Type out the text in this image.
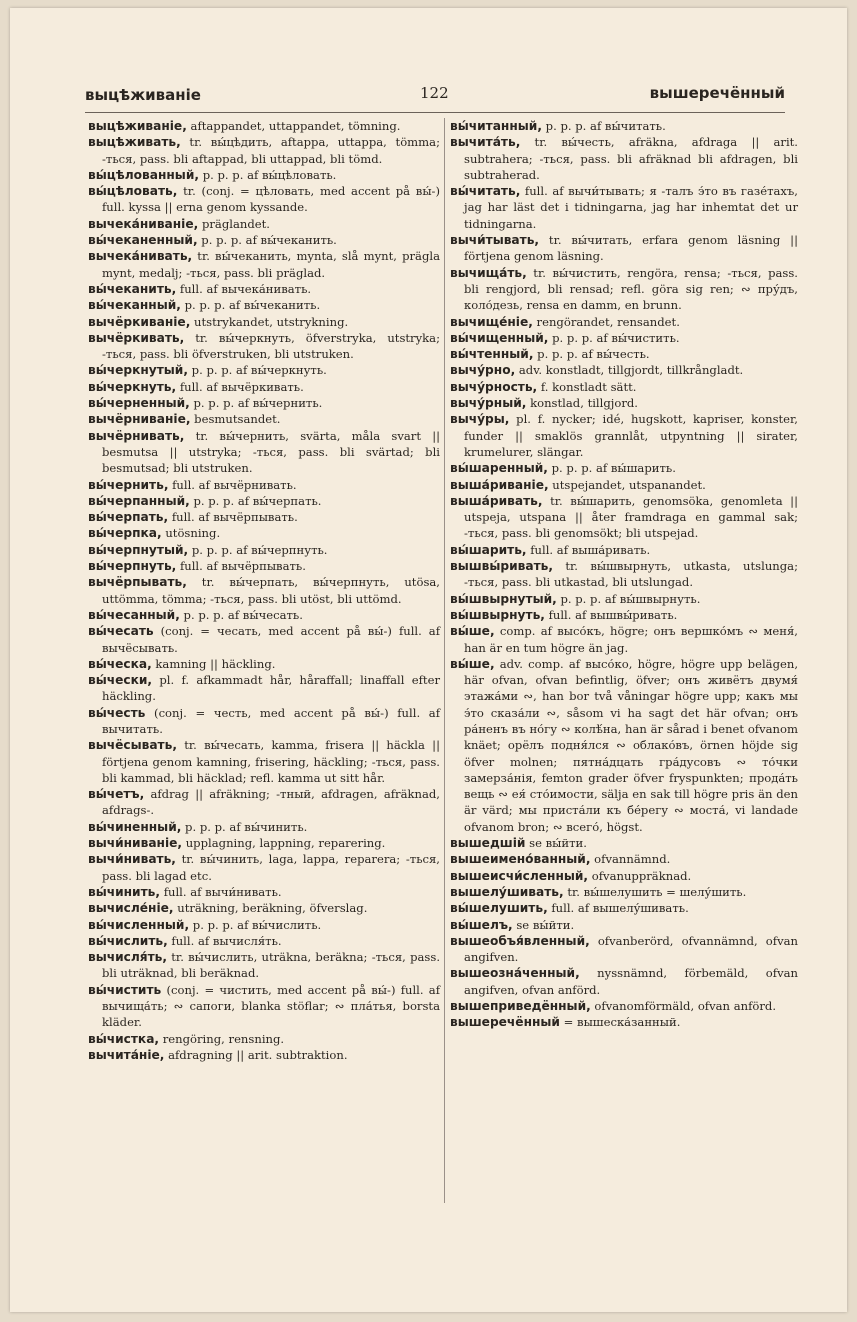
выцѣживаніе	122	вышеречённый
выцѣживаніе, aftappandet, uttappandet, tömning.
выцѣживать, tr. вы́цѣдить, aftappa, uttappa, tömma; -ться, pass. bli aftappad, bli uttappad, bli tömd.
вы́цѣлованный, p. p. p. af вы́цѣловать.
вы́цѣловать, tr. (conj. = цѣловать, med accent på вы́-) full. kyssa || erna genom kyssande.
вычека́ниваніе, präglandet.
вы́чеканенный, p. p. p. af вы́чеканить.
вычека́нивать, tr. вы́чеканить, mynta, slå mynt, prägla mynt, medalj; -ться, pass. bli präglad.
вы́чеканить, full. af вычека́нивать.
вы́чеканный, p. p. p. af вы́чеканить.
вычёркиваніе, utstrykandet, utstrykning.
вычёркивать, tr. вы́черкнуть, öfverstryka, utstryka; -ться, pass. bli öfverstruken, bli utstruken.
вы́черкнутый, p. p. p. af вы́черкнуть.
вы́черкнуть, full. af вычёркивать.
вы́черненный, p. p. p. af вы́чернить.
вычёрниваніе, besmutsandet.
вычёрнивать, tr. вы́чернить, svärta, måla svart || besmutsa || utstryka; -ться, pass. bli svärtad; bli besmutsad; bli utstruken.
вы́чернить, full. af вычёрнивать.
вы́черпанный, p. p. p. af вы́черпать.
вы́черпать, full. af вычёрпывать.
вы́черпка, utösning.
вы́черпнутый, p. p. p. af вы́черпнуть.
вы́черпнуть, full. af вычёрпывать.
вычёрпывать, tr. вы́черпать, вы́черпнуть, utösa, uttömma, tömma; -ться, pass. bli utöst, bli uttömd.
вы́чесанный, p. p. p. af вы́чесать.
вы́чесать (conj. = чесать, med accent på вы́-) full. af вычёсывать.
вы́ческа, kamning || häckling.
вы́чески, pl. f. afkammadt hår, håraffall; linaffall efter häckling.
вы́честь (conj. = честь, med accent på вы́-) full. af вычитать.
вычёсывать, tr. вы́чесать, kamma, frisera || häckla || förtjena genom kamning, frisering, häckling; -ться, pass. bli kammad, bli häcklad; refl. kamma ut sitt hår.
вы́четъ, afdrag || afräkning; -тный, afdragen, afräknad, afdrags-.
вы́чиненный, p. p. p. af вы́чинить.
вычи́ниваніе, upplagning, lappning, reparering.
вычи́нивать, tr. вы́чинить, laga, lappa, reparera; -ться, pass. bli lagad etc.
вы́чинить, full. af вычи́нивать.
вычисле́ніе, uträkning, beräkning, öfverslag.
вы́численный, p. p. p. af вы́числить.
вы́числить, full. af вычисля́ть.
вычисля́ть, tr. вы́числить, uträkna, beräkna; -ться, pass. bli uträknad, bli beräknad.
вы́чистить (conj. = чистить, med accent på вы́-) full. af вычища́ть; ∾ сапоги, blanka stöflar; ∾ пла́тья, borsta kläder.
вы́чистка, rengöring, rensning.
вычита́ніе, afdragning || arit. subtraktion.
вы́читанный, p. p. p. af вы́читать.
вычита́ть, tr. вы́честь, afräkna, afdraga || arit. subtrahera; -ться, pass. bli afräknad bli afdragen, bli subtraherad.
вы́читать, full. af вычи́тывать; я -талъ э́то въ газе́тахъ, jag har läst det i tidningarna, jag har inhemtat det ur tidningarna.
вычи́тывать, tr. вы́читать, erfara genom läsning || förtjena genom läsning.
вычища́ть, tr. вы́чистить, rengöra, rensa; -ться, pass. bli rengjord, bli rensad; refl. göra sig ren; ∾ пру́дъ, коло́дезь, rensa en damm, en brunn.
вычище́ніе, rengörandet, rensandet.
вы́чищенный, p. p. p. af вы́чистить.
вы́чтенный, p. p. p. af вы́честь.
вычу́рно, adv. konstladt, tillgjordt, tillkrångladt.
вычу́рность, f. konstladt sätt.
вычу́рный, konstlad, tillgjord.
вычу́ры, pl. f. nycker; idé, hugskott, kapriser, konster, funder || smaklös grannlåt, utpyntning || sirater, krumelurer, slängar.
вы́шаренный, p. p. p. af вы́шарить.
выша́риваніе, utspejandet, utspanandet.
выша́ривать, tr. вы́шарить, genomsöka, genomleta || utspeja, utspana || åter framdraga en gammal sak; -ться, pass. bli genomsökt; bli utspejad.
вы́шарить, full. af выша́ривать.
вышвы́ривать, tr. вы́швырнуть, utkasta, utslunga; -ться, pass. bli utkastad, bli utslungad.
вы́швырнутый, p. p. p. af вы́швырнуть.
вы́швырнуть, full. af вышвы́ривать.
вы́ше, comp. af высо́къ, högre; онъ вершко́мъ ∾ меня́, han är en tum högre än jag.
вы́ше, adv. comp. af высо́ко, högre, högre upp belägen, här ofvan, ofvan befintlig, öfver; онъ живётъ двумя́ этажа́ми ∾, han bor två våningar högre upp; какъ мы э́то сказа́ли ∾, såsom vi ha sagt det här ofvan; онъ ра́ненъ въ но́гу ∾ колѣ́на, han är sårad i benet ofvanom knäet; орёлъ подня́лся ∾ облако́въ, örnen höjde sig öfver molnen; пятна́дцать гра́дусовъ ∾ то́чки замерза́нія, femton grader öfver fryspunkten; прода́ть вещь ∾ ея́ сто́имости, sälja en sak till högre pris än den är värd; мы приста́ли къ бе́регу ∾ моста́, vi landade ofvanom bron; ∾ всего́, högst.
вышедшій se вы́йти.
вышеимено́ванный, ofvannämnd.
вышеисчи́сленный, ofvanuppräknad.
вышелу́шивать, tr. вы́шелушить = шелу́шить.
вы́шелушить, full. af вышелу́шивать.
вы́шелъ, se вы́йти.
вышеобъя́вленный, ofvanberörd, ofvannämnd, ofvan angifven.
вышеозна́ченный, nyssnämnd, förbemäld, ofvan angifven, ofvan anförd.
вышеприведённый, ofvanomförmäld, ofvan anförd.
вышеречённый = вышеска́занный.
